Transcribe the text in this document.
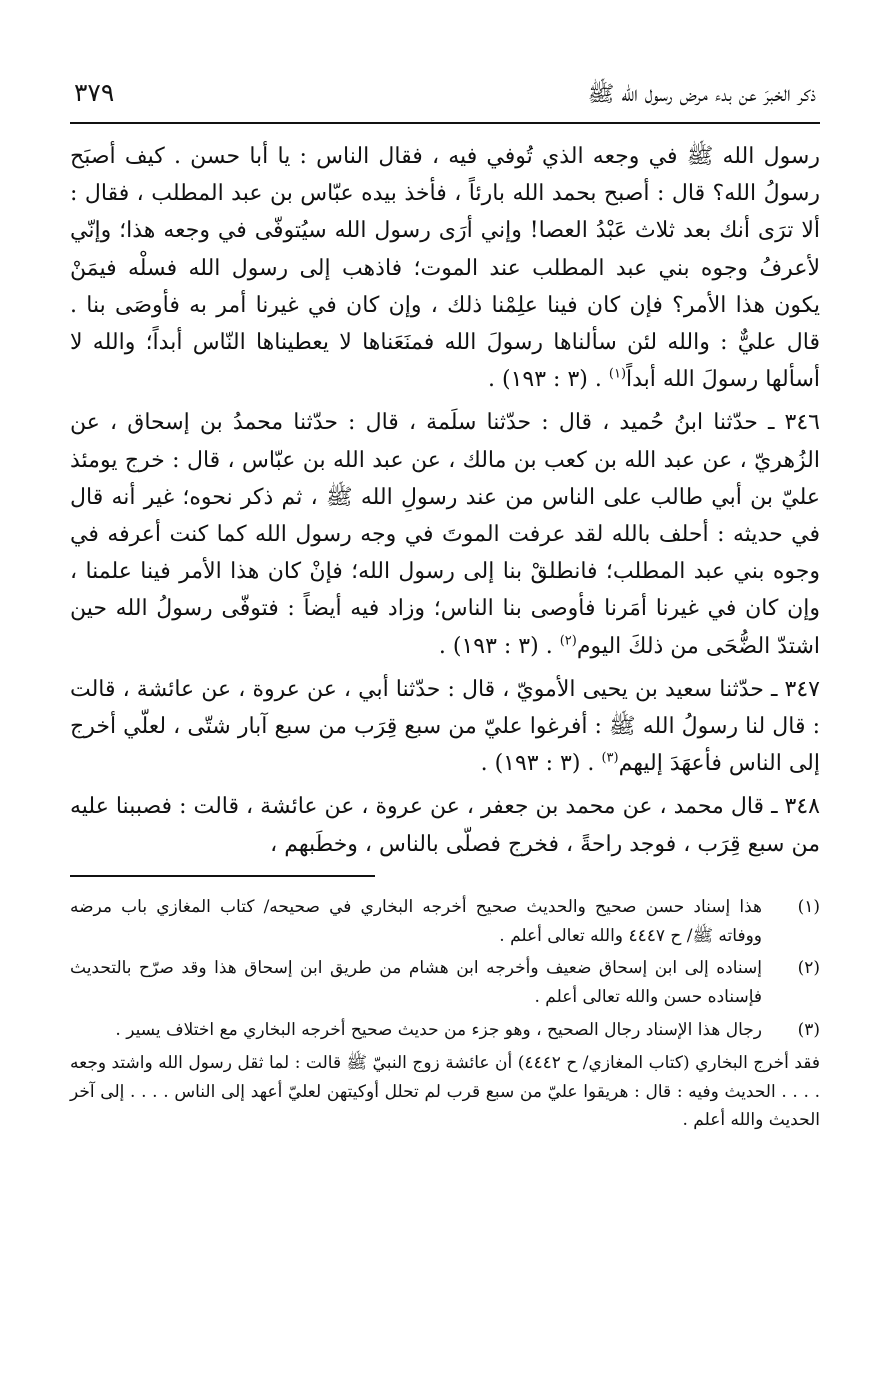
ذكر الخبرَ عن بدء مرض رسول الله ﷺ
٣٧٩

رسول الله ﷺ في وجعه الذي تُوفي فيه ، فقال الناس : يا أبا حسن . كيف أصبَح رسولُ الله؟ قال : أصبح بحمد الله بارئاً ، فأخذ بيده عبّاس بن عبد المطلب ، فقال : ألا ترَى أنك بعد ثلاث عَبْدُ العصا! وإني أرَى رسول الله سيُتوفّى في وجعه هذا؛ وإنّي لأعرفُ وجوه بني عبد المطلب عند الموت؛ فاذهب إلى رسول الله فسلْه فيمَنْ يكون هذا الأمر؟ فإن كان فينا علِمْنا ذلك ، وإن كان في غيرنا أمر به فأوصَى بنا . قال عليٌّ : والله لئن سألناها رسولَ الله فمنَعَناها لا يعطيناها النّاس أبداً؛ والله لا أسألها رسولَ الله أبداً$^{(١)}$ . (٣ : ١٩٣) .

٣٤٦ ـ حدّثنا ابنُ حُميد ، قال : حدّثنا سلَمة ، قال : حدّثنا محمدُ بن إسحاق ، عن الزُهريّ ، عن عبد الله بن كعب بن مالك ، عن عبد الله بن عبّاس ، قال : خرج يومئذ عليّ بن أبي طالب على الناس من عند رسولِ الله ﷺ ، ثم ذكر نحوه؛ غير أنه قال في حديثه : أحلف بالله لقد عرفت الموتَ في وجه رسول الله كما كنت أعرفه في وجوه بني عبد المطلب؛ فانطلقْ بنا إلى رسول الله؛ فإنْ كان هذا الأمر فينا علمنا ، وإن كان في غيرنا أمَرنا فأوصى بنا الناس؛ وزاد فيه أيضاً : فتوفّى رسولُ الله حين اشتدّ الضُّحَى من ذلكَ اليوم$^{(٢)}$ . (٣ : ١٩٣) .

٣٤٧ ـ حدّثنا سعيد بن يحيى الأمويّ ، قال : حدّثنا أبي ، عن عروة ، عن عائشة ، قالت : قال لنا رسولُ الله ﷺ : أفرغوا عليّ من سبع قِرَب من سبع آبار شتّى ، لعلّي أخرج إلى الناس فأعهَدَ إليهم$^{(٣)}$ . (٣ : ١٩٣) .

٣٤٨ ـ قال محمد ، عن محمد بن جعفر ، عن عروة ، عن عائشة ، قالت : فصببنا عليه من سبع قِرَب ، فوجد راحةً ، فخرج فصلّى بالناس ، وخطَبهم ،

(١)
هذا إسناد حسن صحيح والحديث صحيح أخرجه البخاري في صحيحه/ كتاب المغازي باب مرضه ووفاته ﷺ/ ح ٤٤٤٧ والله تعالى أعلم .
(٢)
إسناده إلى ابن إسحاق ضعيف وأخرجه ابن هشام من طريق ابن إسحاق هذا وقد صرّح بالتحديث فإسناده حسن والله تعالى أعلم .
(٣)
رجال هذا الإسناد رجال الصحيح ، وهو جزء من حديث صحيح أخرجه البخاري مع اختلاف يسير .
فقد أخرج البخاري (كتاب المغازي/ ح ٤٤٤٢) أن عائشة زوج النبيّ ﷺ قالت : لما ثقل رسول الله واشتد وجعه . . . . الحديث وفيه : قال : هريقوا عليّ من سبع قرب لم تحلل أوكيتهن لعليّ أعهد إلى الناس . . . . إلى آخر الحديث والله أعلم .
